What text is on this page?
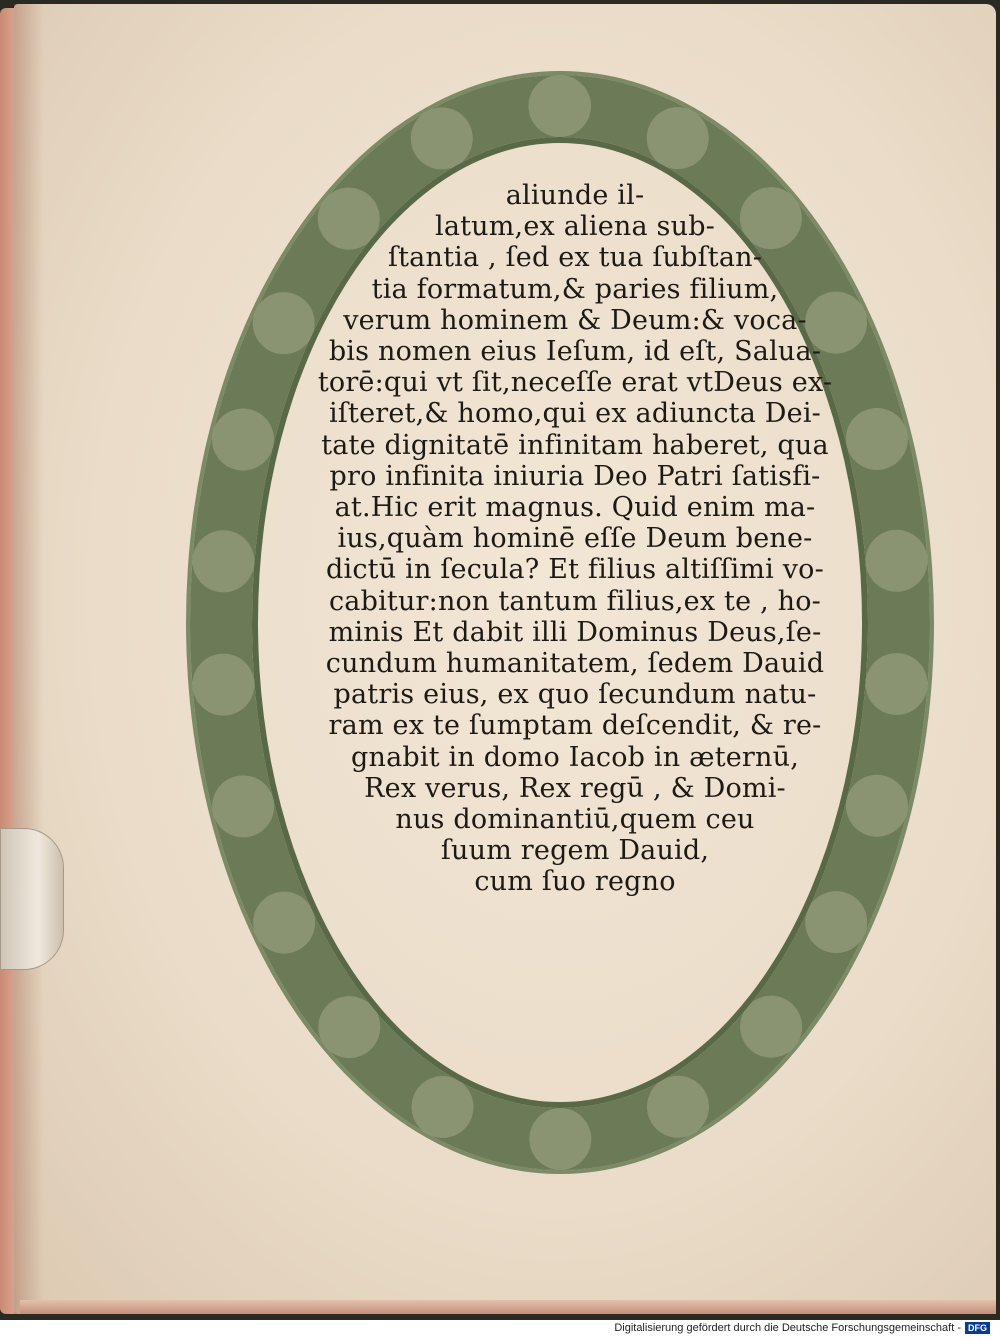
aliunde il-
latum,ex aliena sub-
ſtantia , ſed ex tua ſubſtan-
tia formatum,& paries filium,
verum hominem & Deum:& voca-
bis nomen eius Ieſum, id eſt, Salua-
torē:qui vt ſit,neceſſe erat vtDeus ex-
iſteret,& homo,qui ex adiuncta Dei-
tate dignitatē infinitam haberet, qua
pro infinita iniuria Deo Patri ſatisfi-
at.Hic erit magnus. Quid enim ma-
ius,quàm hominē eſſe Deum bene-
dictū in ſecula? Et filius altiſſimi vo-
cabitur:non tantum filius,ex te , ho-
minis Et dabit illi Dominus Deus,ſe-
cundum humanitatem, ſedem Dauid
patris eius, ex quo ſecundum natu-
ram ex te ſumptam deſcendit, & re-
gnabit in domo Iacob in æternū,
Rex verus, Rex regū , & Domi-
nus dominantiū,quem ceu
ſuum regem Dauid,
cum ſuo regno
Digitalisierung gefördert durch die Deutsche Forschungsgemeinschaft - DFG
